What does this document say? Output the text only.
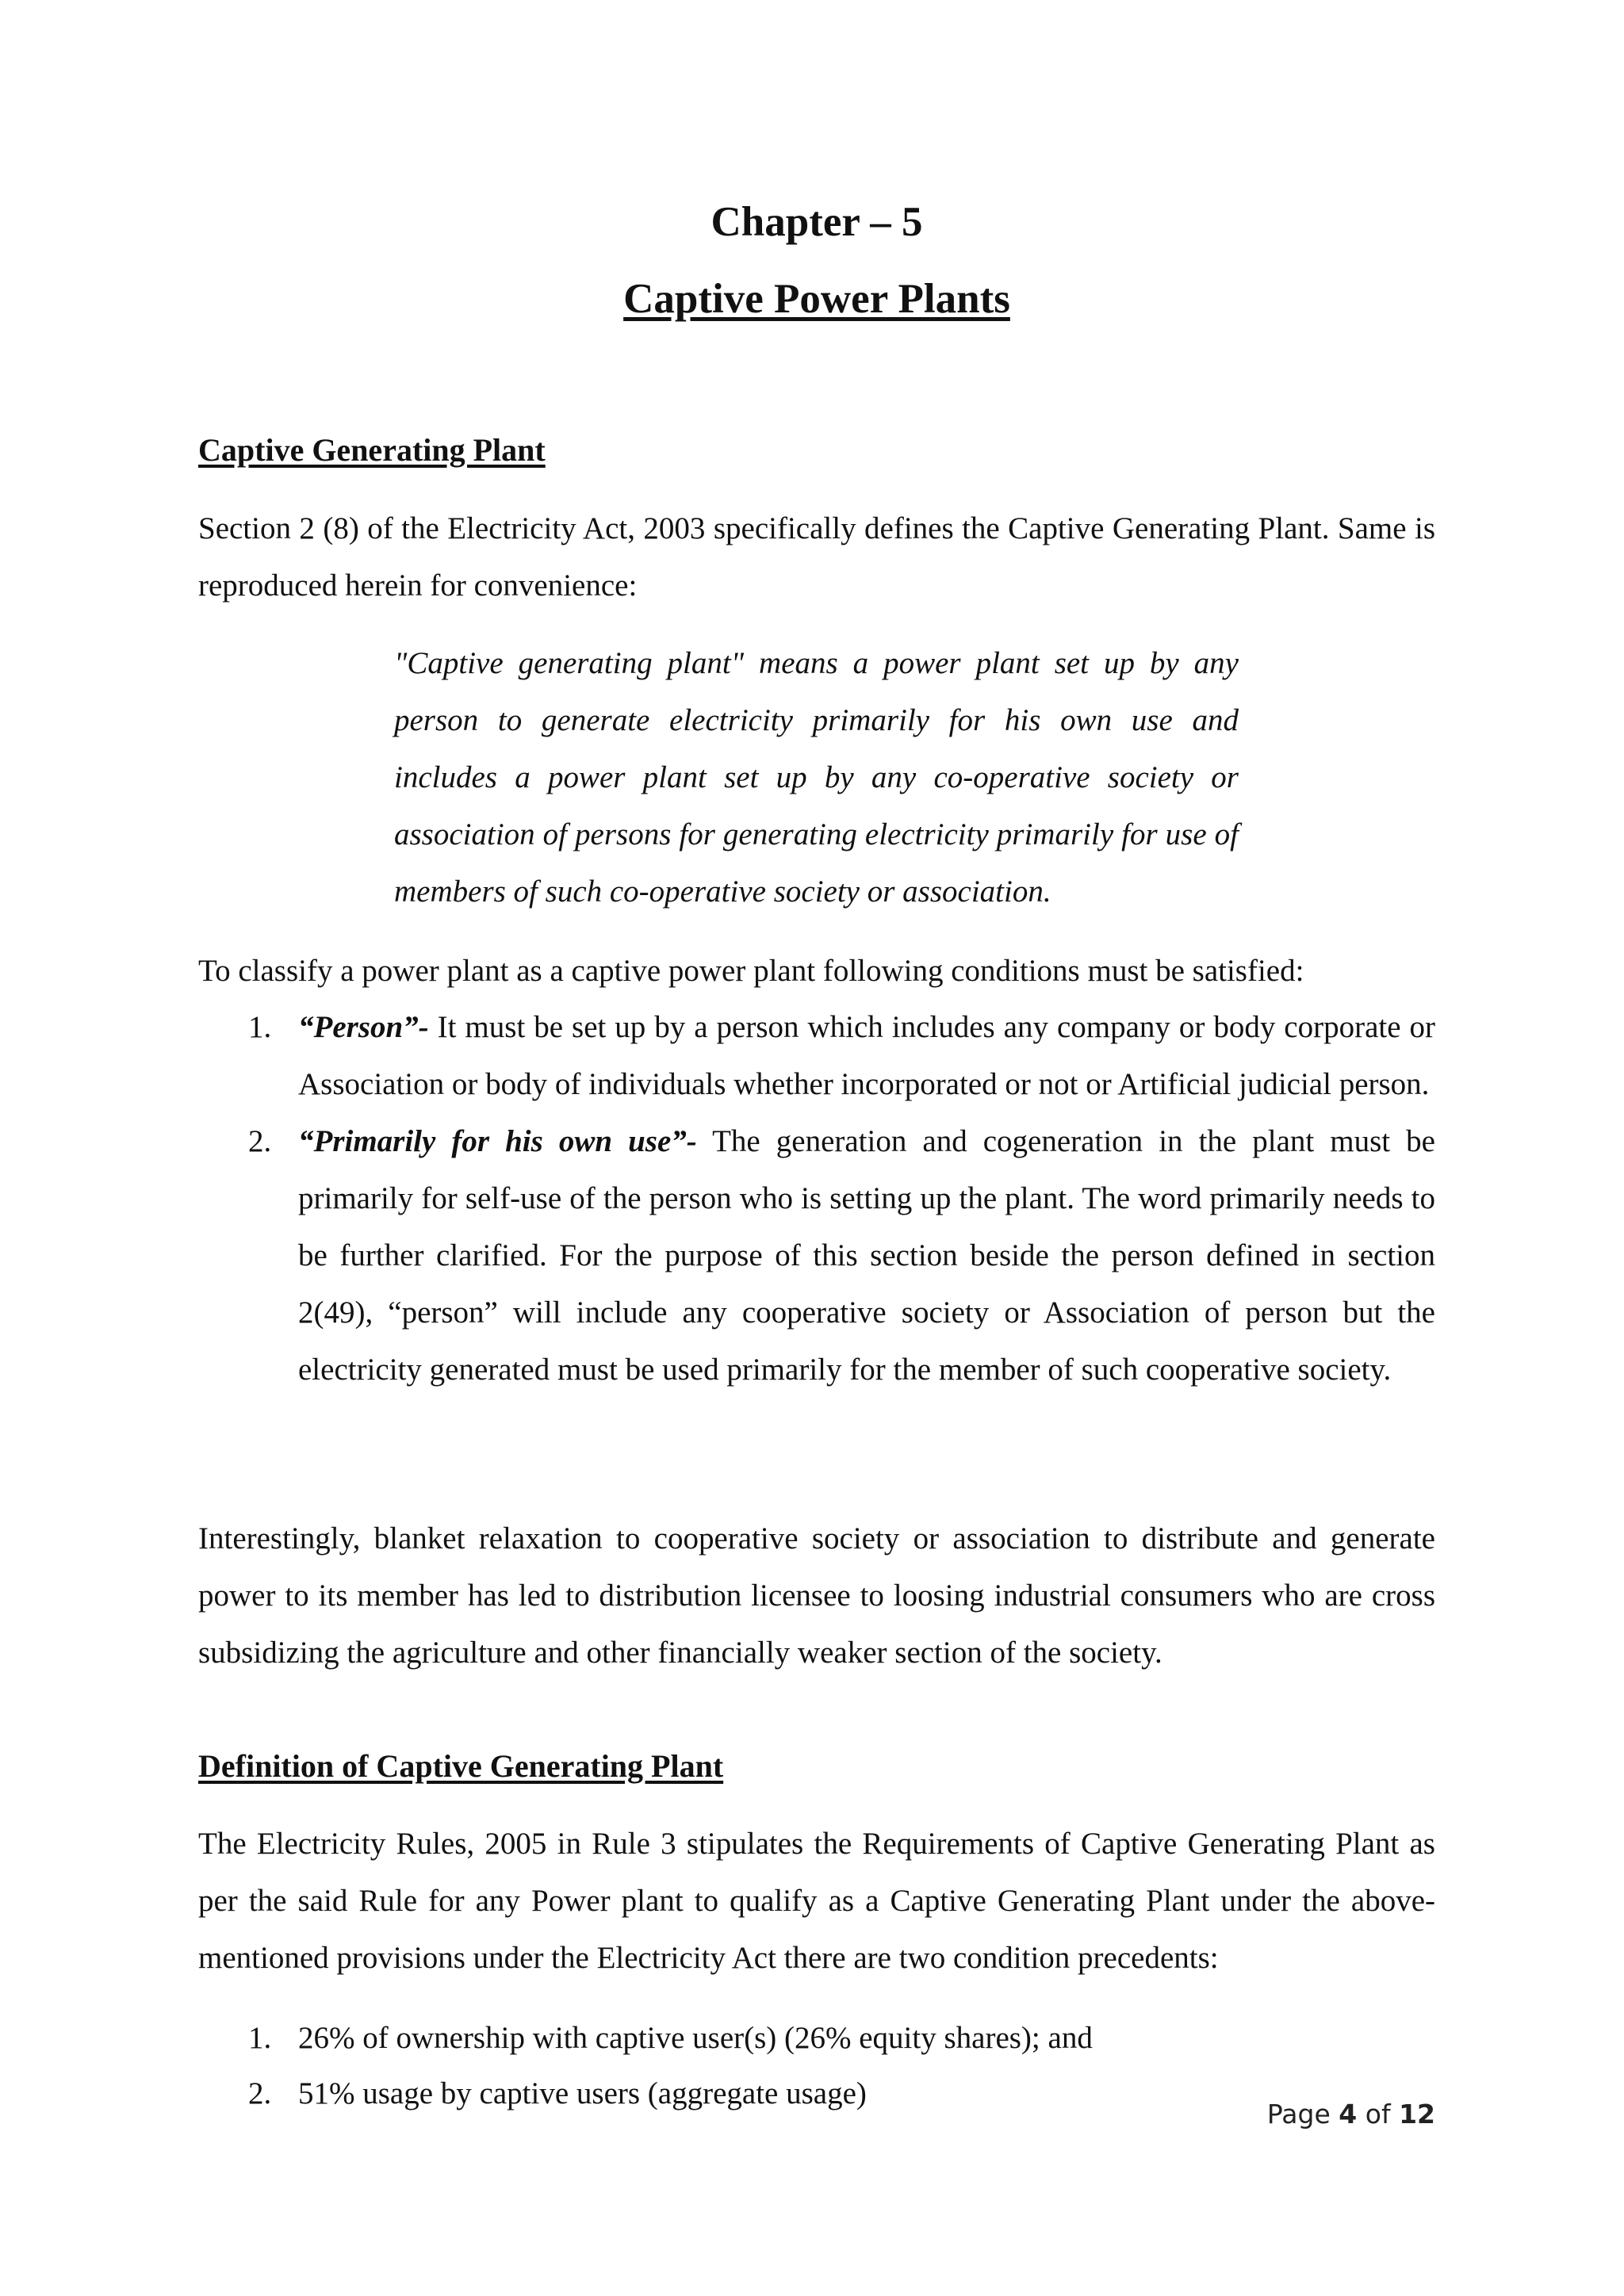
Chapter – 5
Captive Power Plants
Captive Generating Plant
Section 2 (8) of the Electricity Act, 2003 specifically defines the Captive Generating Plant. Same is reproduced herein for convenience:
"Captive generating plant" means a power plant set up by any person to generate electricity primarily for his own use and includes a power plant set up by any co-operative society or association of persons for generating electricity primarily for use of members of such co-operative society or association.
To classify a power plant as a captive power plant following conditions must be satisfied:
1. “Person”- It must be set up by a person which includes any company or body corporate or Association or body of individuals whether incorporated or not or Artificial judicial person.
2. “Primarily for his own use”- The generation and cogeneration in the plant must be primarily for self-use of the person who is setting up the plant. The word primarily needs to be further clarified. For the purpose of this section beside the person defined in section 2(49), “person” will include any cooperative society or Association of person but the electricity generated must be used primarily for the member of such cooperative society.
Interestingly, blanket relaxation to cooperative society or association to distribute and generate power to its member has led to distribution licensee to loosing industrial consumers who are cross subsidizing the agriculture and other financially weaker section of the society.
Definition of Captive Generating Plant
The Electricity Rules, 2005 in Rule 3 stipulates the Requirements of Captive Generating Plant as per the said Rule for any Power plant to qualify as a Captive Generating Plant under the above-mentioned provisions under the Electricity Act there are two condition precedents:
1. 26% of ownership with captive user(s) (26% equity shares); and
2. 51% usage by captive users (aggregate usage)
Page 4 of 12
